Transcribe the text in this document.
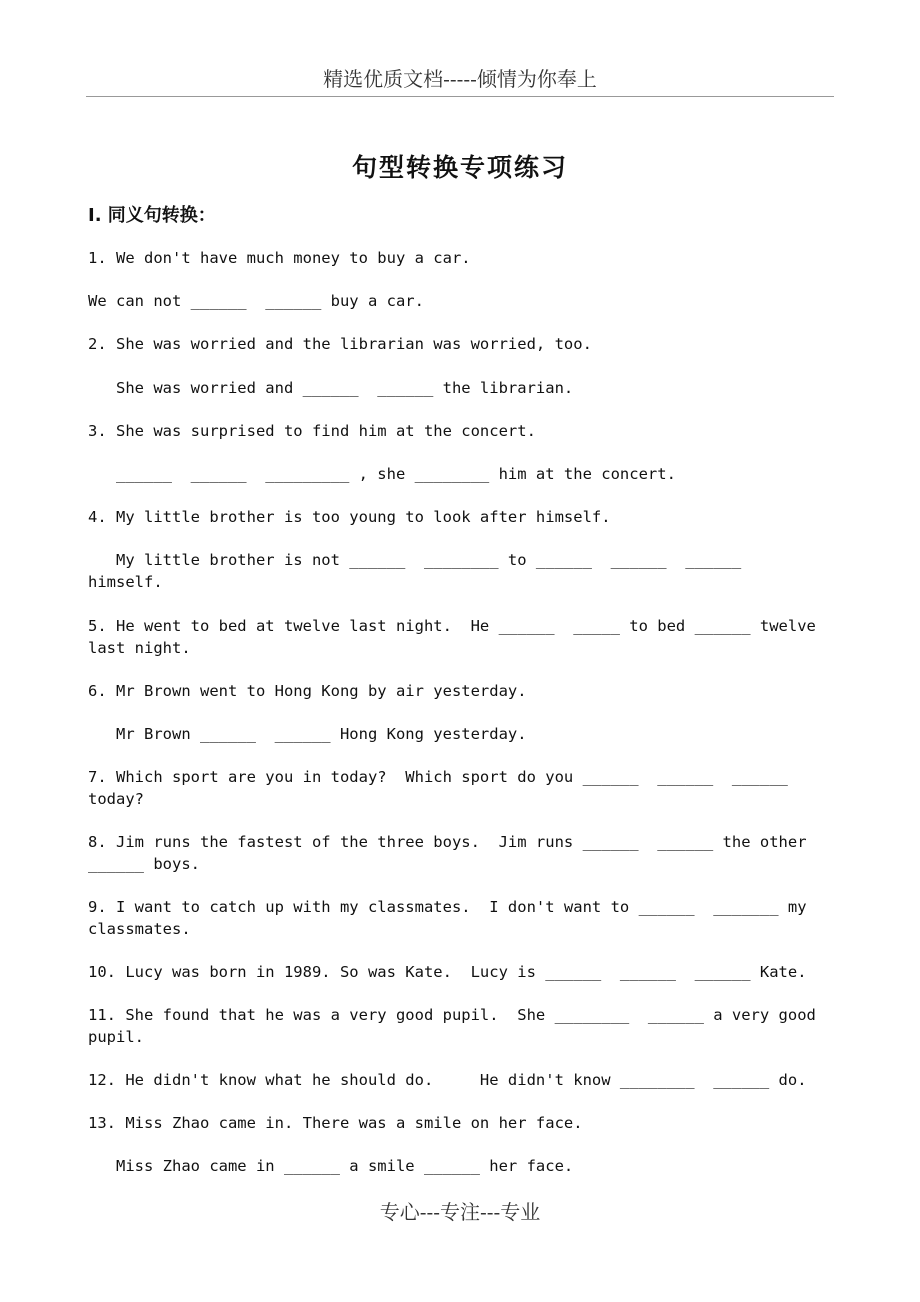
精选优质文档-----倾情为你奉上
句型转换专项练习
I. 同义句转换：
1. We don't have much money to buy a car.
We can not ______  ______ buy a car.
2. She was worried and the librarian was worried, too.
She was worried and ______  ______ the librarian.
3. She was surprised to find him at the concert.
______  ______  _________ , she ________ him at the concert.
4. My little brother is too young to look after himself.
My little brother is not ______  ________ to ______  ______  ______
himself.
5. He went to bed at twelve last night.  He ______  _____ to bed ______ twelve
last night.
6. Mr Brown went to Hong Kong by air yesterday.
Mr Brown ______  ______ Hong Kong yesterday.
7. Which sport are you in today?  Which sport do you ______  ______  ______
today?
8. Jim runs the fastest of the three boys.  Jim runs ______  ______ the other
______ boys.
9. I want to catch up with my classmates.  I don't want to ______  _______ my
classmates.
10. Lucy was born in 1989. So was Kate.  Lucy is ______  ______  ______ Kate.
11. She found that he was a very good pupil.  She ________  ______ a very good
pupil.
12. He didn't know what he should do.     He didn't know ________  ______ do.
13. Miss Zhao came in. There was a smile on her face.
Miss Zhao came in ______ a smile ______ her face.
专心---专注---专业
